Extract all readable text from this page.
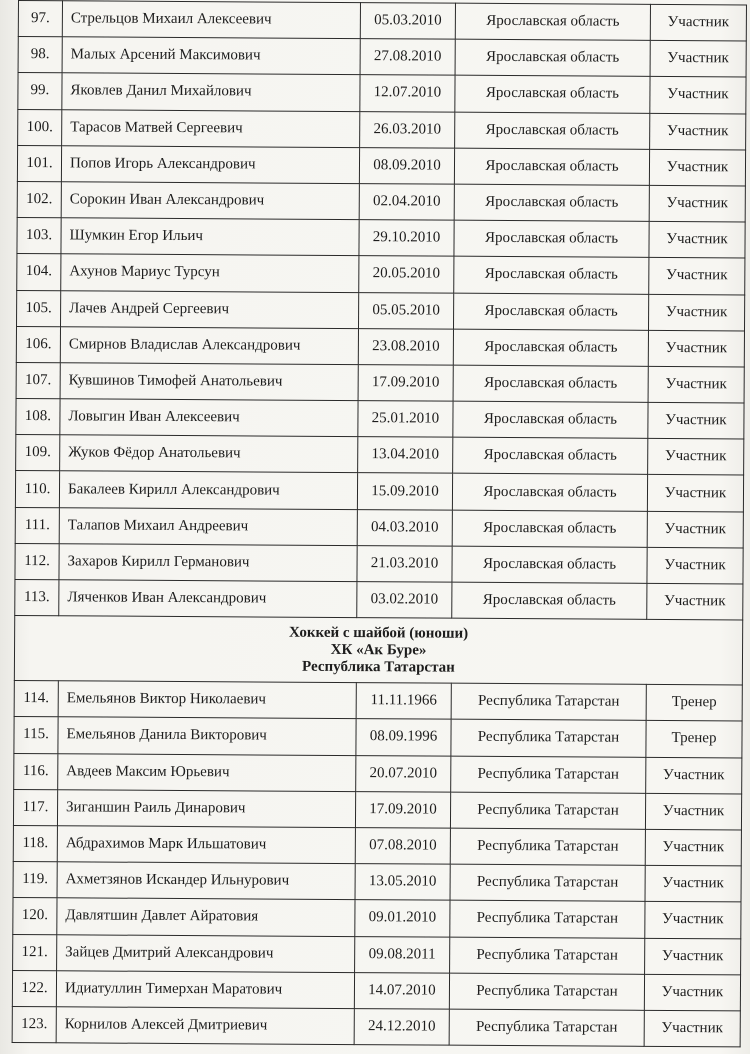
97.	Стрельцов Михаил Алексеевич	05.03.2010	Ярославская область	Участник
98.	Малых Арсений Максимович	27.08.2010	Ярославская область	Участник
99.	Яковлев Данил Михайлович	12.07.2010	Ярославская область	Участник
100.	Тарасов Матвей Сергеевич	26.03.2010	Ярославская область	Участник
101.	Попов Игорь Александрович	08.09.2010	Ярославская область	Участник
102.	Сорокин Иван Александрович	02.04.2010	Ярославская область	Участник
103.	Шумкин Егор Ильич	29.10.2010	Ярославская область	Участник
104.	Ахунов Мариус Турсун	20.05.2010	Ярославская область	Участник
105.	Лачев Андрей Сергеевич	05.05.2010	Ярославская область	Участник
106.	Смирнов Владислав Александрович	23.08.2010	Ярославская область	Участник
107.	Кувшинов Тимофей Анатольевич	17.09.2010	Ярославская область	Участник
108.	Ловыгин Иван Алексеевич	25.01.2010	Ярославская область	Участник
109.	Жуков Фёдор Анатольевич	13.04.2010	Ярославская область	Участник
110.	Бакалеев Кирилл Александрович	15.09.2010	Ярославская область	Участник
111.	Талапов Михаил Андреевич	04.03.2010	Ярославская область	Участник
112.	Захаров Кирилл Германович	21.03.2010	Ярославская область	Участник
113.	Ляченков Иван Александрович	03.02.2010	Ярославская область	Участник

Хоккей с шайбой (юноши)
ХК «Ак Буре»
Республика Татарстан				

114.	Емельянов Виктор Николаевич	11.11.1966	Республика Татарстан	Тренер
115.	Емельянов Данила Викторович	08.09.1996	Республика Татарстан	Тренер
116.	Авдеев Максим Юрьевич	20.07.2010	Республика Татарстан	Участник
117.	Зиганшин Раиль Динарович	17.09.2010	Республика Татарстан	Участник
118.	Абдрахимов Марк Ильшатович	07.08.2010	Республика Татарстан	Участник
119.	Ахметзянов Искандер Ильнурович	13.05.2010	Республика Татарстан	Участник
120.	Давлятшин Давлет Айратовия	09.01.2010	Республика Татарстан	Участник
121.	Зайцев Дмитрий Александрович	09.08.2011	Республика Татарстан	Участник
122.	Идиатуллин Тимерхан Маратович	14.07.2010	Республика Татарстан	Участник
123.	Корнилов Алексей Дмитриевич	24.12.2010	Республика Татарстан	Участник
